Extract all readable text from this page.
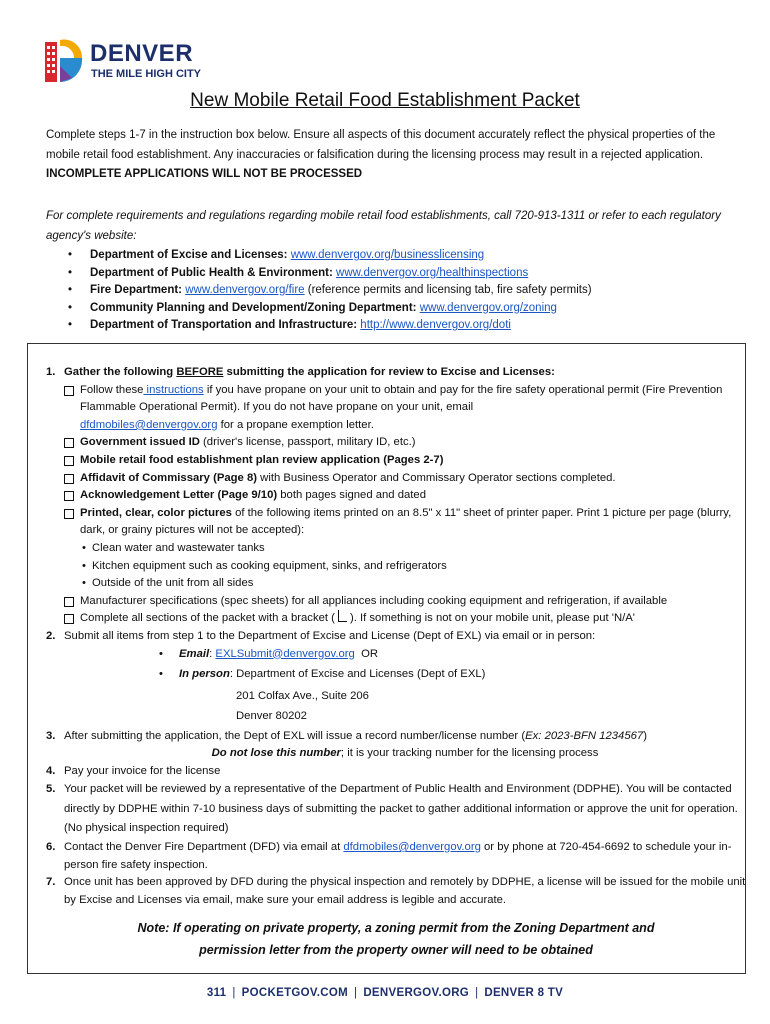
DENVER
THE MILE HIGH CITY
New Mobile Retail Food Establishment Packet
Complete steps 1-7 in the instruction box below. Ensure all aspects of this document accurately reflect the physical properties of the mobile retail food establishment. Any inaccuracies or falsification during the licensing process may result in a rejected application. INCOMPLETE APPLICATIONS WILL NOT BE PROCESSED
For complete requirements and regulations regarding mobile retail food establishments, call 720-913-1311 or refer to each regulatory agency's website:
• Department of Excise and Licenses: www.denvergov.org/businesslicensing
• Department of Public Health & Environment: www.denvergov.org/healthinspections
• Fire Department: www.denvergov.org/fire (reference permits and licensing tab, fire safety permits)
• Community Planning and Development/Zoning Department: www.denvergov.org/zoning
• Department of Transportation and Infrastructure: http://www.denvergov.org/doti
1. Gather the following BEFORE submitting the application for review to Excise and Licenses:
Follow these instructions if you have propane on your unit to obtain and pay for the fire safety operational permit (Fire Prevention Flammable Operational Permit). If you do not have propane on your unit, email
dfdmobiles@denvergov.org for a propane exemption letter.
Government issued ID (driver's license, passport, military ID, etc.)
Mobile retail food establishment plan review application (Pages 2-7)
Affidavit of Commissary (Page 8) with Business Operator and Commissary Operator sections completed.
Acknowledgement Letter (Page 9/10) both pages signed and dated
Printed, clear, color pictures of the following items printed on an 8.5" x 11" sheet of printer paper. Print 1 picture per page (blurry, dark, or grainy pictures will not be accepted):
• Clean water and wastewater tanks
• Kitchen equipment such as cooking equipment, sinks, and refrigerators
• Outside of the unit from all sides
Manufacturer specifications (spec sheets) for all appliances including cooking equipment and refrigeration, if available
Complete all sections of the packet with a bracket ( ). If something is not on your mobile unit, please put 'N/A'
2. Submit all items from step 1 to the Department of Excise and License (Dept of EXL) via email or in person:
• Email: EXLSubmit@denvergov.org OR
• In person: Department of Excise and Licenses (Dept of EXL)
201 Colfax Ave., Suite 206
Denver 80202
3. After submitting the application, the Dept of EXL will issue a record number/license number (Ex: 2023-BFN 1234567)
Do not lose this number; it is your tracking number for the licensing process
4. Pay your invoice for the license
5. Your packet will be reviewed by a representative of the Department of Public Health and Environment (DDPHE). You will be contacted directly by DDPHE within 7-10 business days of submitting the packet to gather additional information or approve the unit for operation. (No physical inspection required)
6. Contact the Denver Fire Department (DFD) via email at dfdmobiles@denvergov.org or by phone at 720-454-6692 to schedule your in-person fire safety inspection.
7. Once unit has been approved by DFD during the physical inspection and remotely by DDPHE, a license will be issued for the mobile unit by Excise and Licenses via email, make sure your email address is legible and accurate.
Note: If operating on private property, a zoning permit from the Zoning Department and
permission letter from the property owner will need to be obtained
311 | POCKETGOV.COM | DENVERGOV.ORG | DENVER 8 TV
